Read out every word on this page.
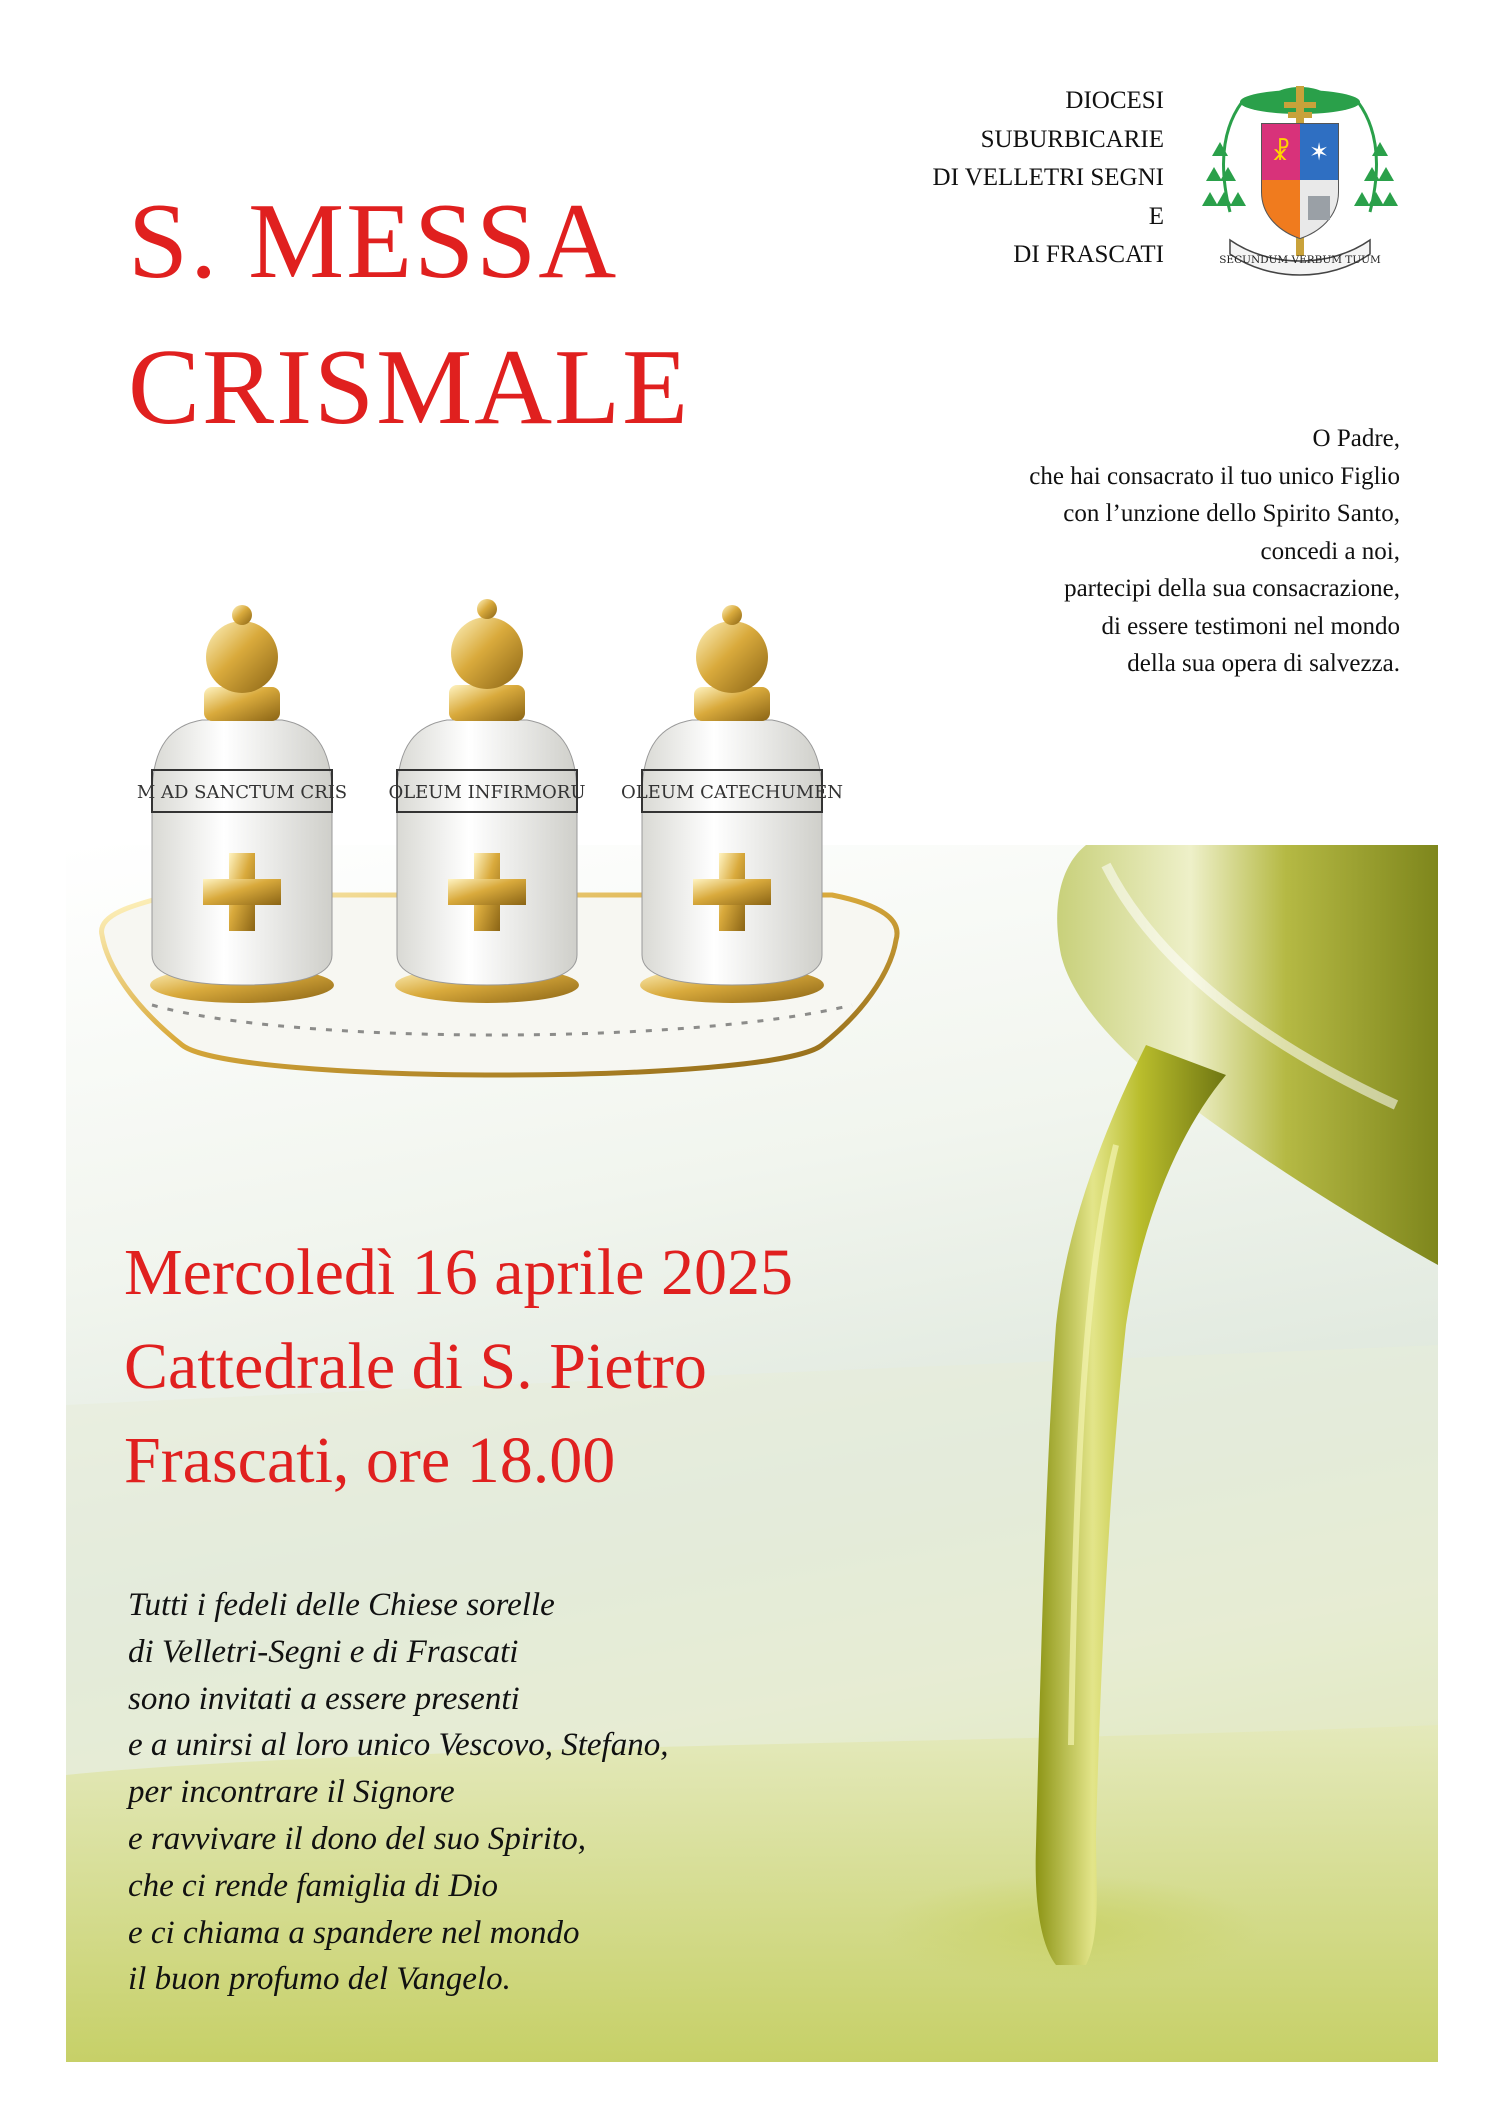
S. MESSA
CRISMALE
DIOCESI
SUBURBICARIE
DI VELLETRI SEGNI
E
DI FRASCATI
☧ ✶
SECUNDUM VERBUM TUUM
O Padre,
che hai consacrato il tuo unico Figlio
con l’unzione dello Spirito Santo,
concedi a noi,
partecipi della sua consacrazione,
di essere testimoni nel mondo
della sua opera di salvezza.
M AD SANCTUM CRIS OLEUM INFIRMORU OLEUM CATECHUMEN
Mercoledì 16 aprile 2025
Cattedrale di S. Pietro
Frascati, ore 18.00
Tutti i fedeli delle Chiese sorelle
di Velletri-Segni e di Frascati
sono invitati a essere presenti
e a unirsi al loro unico Vescovo, Stefano,
per incontrare il Signore
e ravvivare il dono del suo Spirito,
che ci rende famiglia di Dio
e ci chiama a spandere nel mondo
il buon profumo del Vangelo.
